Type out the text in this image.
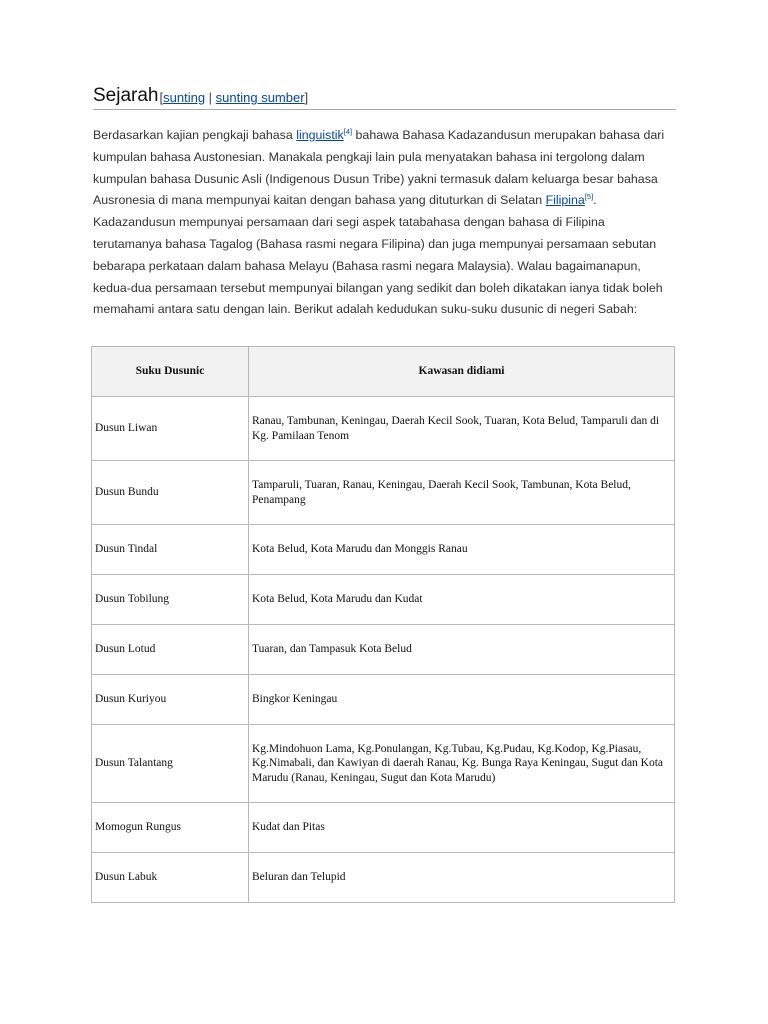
Sejarah [sunting | sunting sumber]

Berdasarkan kajian pengkaji bahasa linguistik[4] bahawa Bahasa Kadazandusun merupakan bahasa dari kumpulan bahasa Austonesian. Manakala pengkaji lain pula menyatakan bahasa ini tergolong dalam kumpulan bahasa Dusunic Asli (Indigenous Dusun Tribe) yakni termasuk dalam keluarga besar bahasa Ausronesia di mana mempunyai kaitan dengan bahasa yang dituturkan di Selatan Filipina[5]. Kadazandusun mempunyai persamaan dari segi aspek tatabahasa dengan bahasa di Filipina terutamanya bahasa Tagalog (Bahasa rasmi negara Filipina) dan juga mempunyai persamaan sebutan bebarapa perkataan dalam bahasa Melayu (Bahasa rasmi negara Malaysia). Walau bagaimanapun, kedua-dua persamaan tersebut mempunyai bilangan yang sedikit dan boleh dikatakan ianya tidak boleh memahami antara satu dengan lain. Berikut adalah kedudukan suku-suku dusunic di negeri Sabah:

Suku Dusunic	Kawasan didiami
Dusun Liwan	Ranau, Tambunan, Keningau, Daerah Kecil Sook, Tuaran, Kota Belud, Tamparuli dan di Kg. Pamilaan Tenom
Dusun Bundu	Tamparuli, Tuaran, Ranau, Keningau, Daerah Kecil Sook, Tambunan, Kota Belud, Penampang
Dusun Tindal	Kota Belud, Kota Marudu dan Monggis Ranau
Dusun Tobilung	Kota Belud, Kota Marudu dan Kudat
Dusun Lotud	Tuaran, dan Tampasuk Kota Belud
Dusun Kuriyou	Bingkor Keningau
Dusun Talantang	Kg.Mindohuon Lama, Kg.Ponulangan, Kg.Tubau, Kg.Pudau, Kg.Kodop, Kg.Piasau, Kg.Nimabali, dan Kawiyan di daerah Ranau, Kg. Bunga Raya Keningau, Sugut dan Kota Marudu (Ranau, Keningau, Sugut dan Kota Marudu)
Momogun Rungus	Kudat dan Pitas
Dusun Labuk	Beluran dan Telupid
